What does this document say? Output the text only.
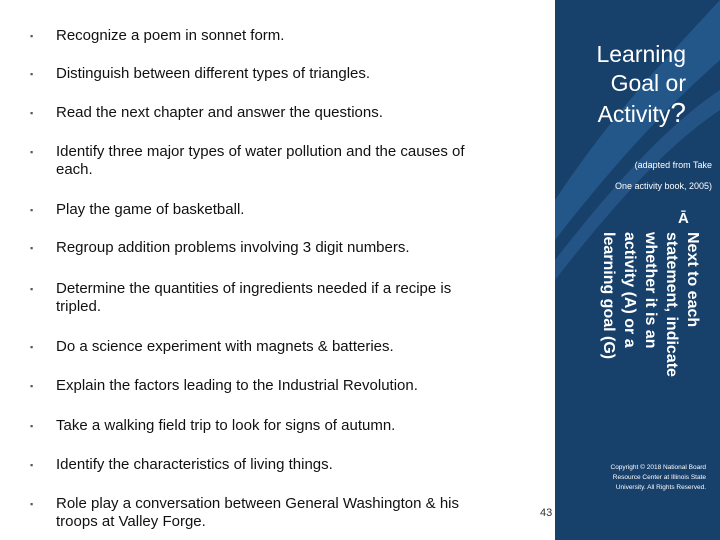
▪	Recognize a poem in sonnet form.
▪	Distinguish between different types of triangles.
▪	Read the next chapter and answer the questions.
▪	Identify three major types of water pollution and the causes of each.
▪	Play the game of basketball.
▪	Regroup addition problems involving 3 digit numbers.
▪	Determine the quantities of ingredients needed if a recipe is tripled.
▪	Do a science experiment with magnets & batteries.
▪	Explain the factors leading to the Industrial Revolution.
▪	Take a walking field trip to look for signs of autumn.
▪	Identify the characteristics of living things.
▪	Role play a conversation between General Washington & his troops at Valley Forge.
Learning
Goal or
Activity?
(adapted from Take
One activity book, 2005)
Ā
Next to each statement, indicate whether it is an activity (A) or a learning goal (G)
Copyright © 2018 National Board Resource Center at Illinois State University. All Rights Reserved.
43
